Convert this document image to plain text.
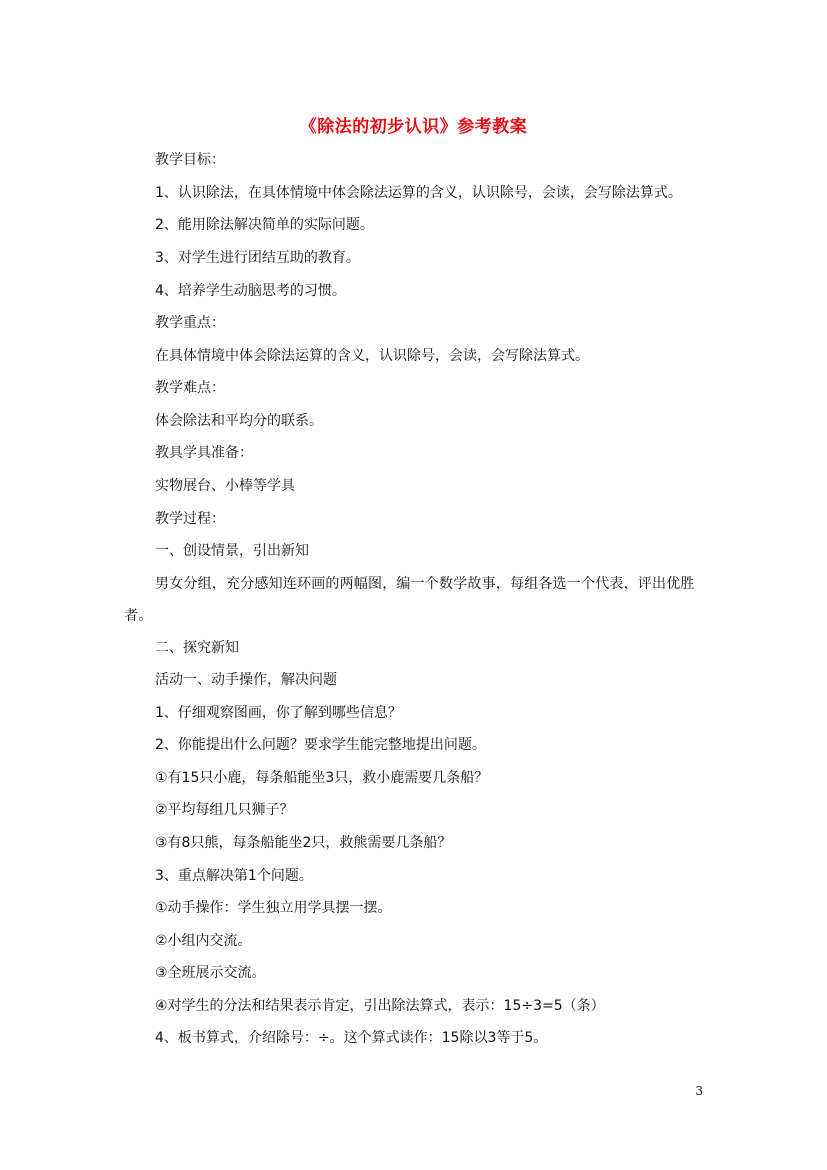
《除法的初步认识》参考教案
教学目标：
1、认识除法，在具体情境中体会除法运算的含义，认识除号，会读，会写除法算式。
2、能用除法解决简单的实际问题。
3、对学生进行团结互助的教育。
4、培养学生动脑思考的习惯。
教学重点：
在具体情境中体会除法运算的含义，认识除号，会读，会写除法算式。
教学难点：
体会除法和平均分的联系。
教具学具准备：
实物展台、小棒等学具
教学过程：
一、创设情景，引出新知
男女分组，充分感知连环画的两幅图，编一个数学故事，每组各选一个代表，评出优胜者。
二、探究新知
活动一、动手操作，解决问题
1、仔细观察图画，你了解到哪些信息？
2、你能提出什么问题？要求学生能完整地提出问题。
①有15只小鹿，每条船能坐3只，救小鹿需要几条船？
②平均每组几只狮子？
③有8只熊，每条船能坐2只，救熊需要几条船？
3、重点解决第1个问题。
①动手操作：学生独立用学具摆一摆。
②小组内交流。
③全班展示交流。
④对学生的分法和结果表示肯定，引出除法算式，表示：15÷3=5（条）
4、板书算式，介绍除号：÷。这个算式读作：15除以3等于5。
3
